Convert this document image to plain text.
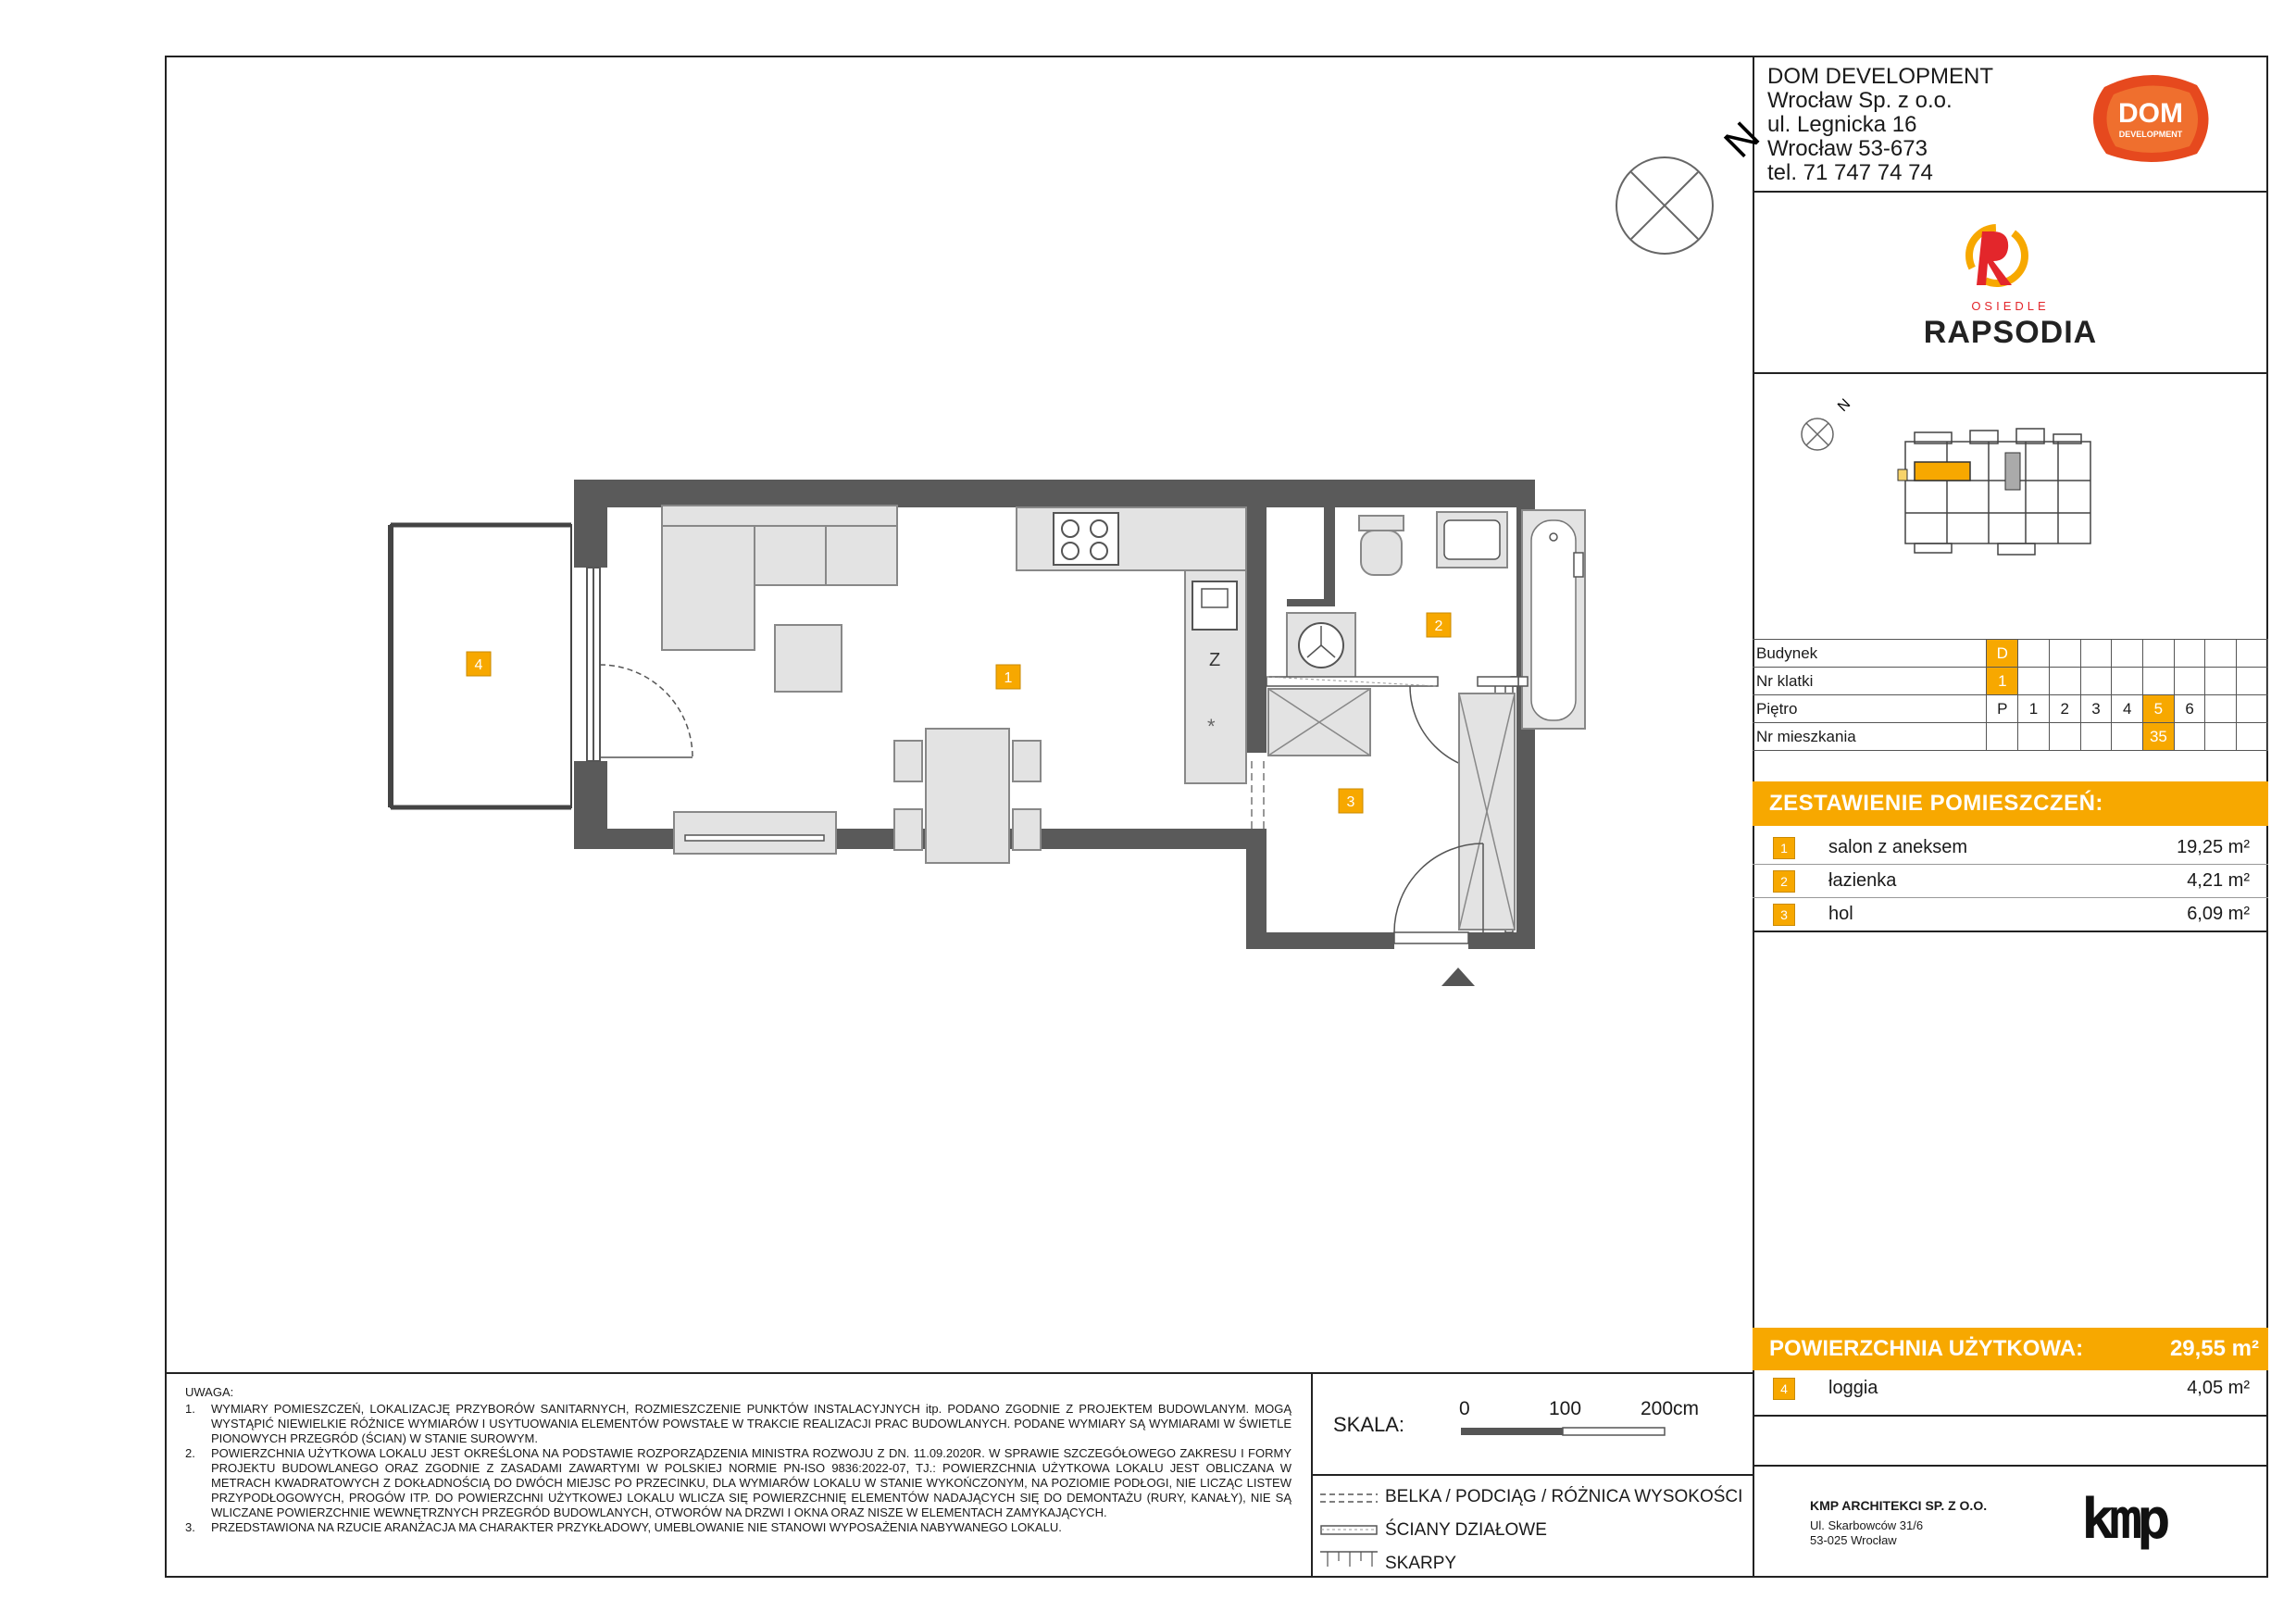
N
Z
*
1
2
3
4

UWAGA:

1. WYMIARY POMIESZCZEŃ, LOKALIZACJĘ PRZYBORÓW SANITARNYCH, ROZMIESZCZENIE PUNKTÓW INSTALACYJNYCH itp. PODANO ZGODNIE Z PROJEKTEM BUDOWLANYM. MOGĄ WYSTĄPIĆ NIEWIELKIE RÓŻNICE WYMIARÓW I USYTUOWANIA ELEMENTÓW POWSTAŁE W TRAKCIE REALIZACJI PRAC BUDOWLANYCH. PODANE WYMIARY SĄ WYMIARAMI W ŚWIETLE PIONOWYCH PRZEGRÓD (ŚCIAN) W STANIE SUROWYM.

2. POWIERZCHNIA UŻYTKOWA LOKALU JEST OKREŚLONA NA PODSTAWIE ROZPORZĄDZENIA MINISTRA ROZWOJU Z DN. 11.09.2020R. W SPRAWIE SZCZEGÓŁOWEGO ZAKRESU I FORMY PROJEKTU BUDOWLANEGO ORAZ ZGODNIE Z ZASADAMI ZAWARTYMI W POLSKIEJ NORMIE PN-ISO 9836:2022-07, TJ.: POWIERZCHNIA UŻYTKOWA LOKALU JEST OBLICZANA W METRACH KWADRATOWYCH Z DOKŁADNOŚCIĄ DO DWÓCH MIEJSC PO PRZECINKU, DLA WYMIARÓW LOKALU W STANIE WYKOŃCZONYM, NA POZIOMIE PODŁOGI, NIE LICZĄC LISTEW PRZYPODŁOGOWYCH, PROGÓW ITP. DO POWIERZCHNI UŻYTKOWEJ LOKALU WLICZA SIĘ POWIERZCHNIĘ ELEMENTÓW NADAJĄCYCH SIĘ DO DEMONTAŻU (RURY, KANAŁY), NIE SĄ WLICZANE POWIERZCHNIE WEWNĘTRZNYCH PRZEGRÓD BUDOWLANYCH, OTWORÓW NA DRZWI I OKNA ORAZ NISZE W ELEMENTACH ZAMYKAJĄCYCH.

3. PRZEDSTAWIONA NA RZUCIE ARANŻACJA MA CHARAKTER PRZYKŁADOWY, UMEBLOWANIE NIE STANOWI WYPOSAŻENIA NABYWANEGO LOKALU.

SKALA:
0	100	200cm
BELKA / PODCIĄG / RÓŻNICA WYSOKOŚCI
ŚCIANY DZIAŁOWE
SKARPY

DOM DEVELOPMENT

Wrocław Sp. z o.o.

ul. Legnicka 16

Wrocław 53-673

tel. 71 747 74 74

DOM
DEVELOPMENT
OSIEDLE
RAPSODIA
N
Budynek	D								
Nr klatki	1								
Piętro	P	1	2	3	4	5	6		
Nr mieszkania						35			
ZESTAWIENIE POMIESZCZEŃ:
1	salon z aneksem	19,25 m²
2	łazienka	4,21 m²
3	hol	6,09 m²
POWIERZCHNIA UŻYTKOWA:	29,55 m²
4	loggia	4,05 m²
KMP ARCHITEKCI SP. Z O.O.
Ul. Skarbowców 31/6
53-025 Wrocław	kmp
